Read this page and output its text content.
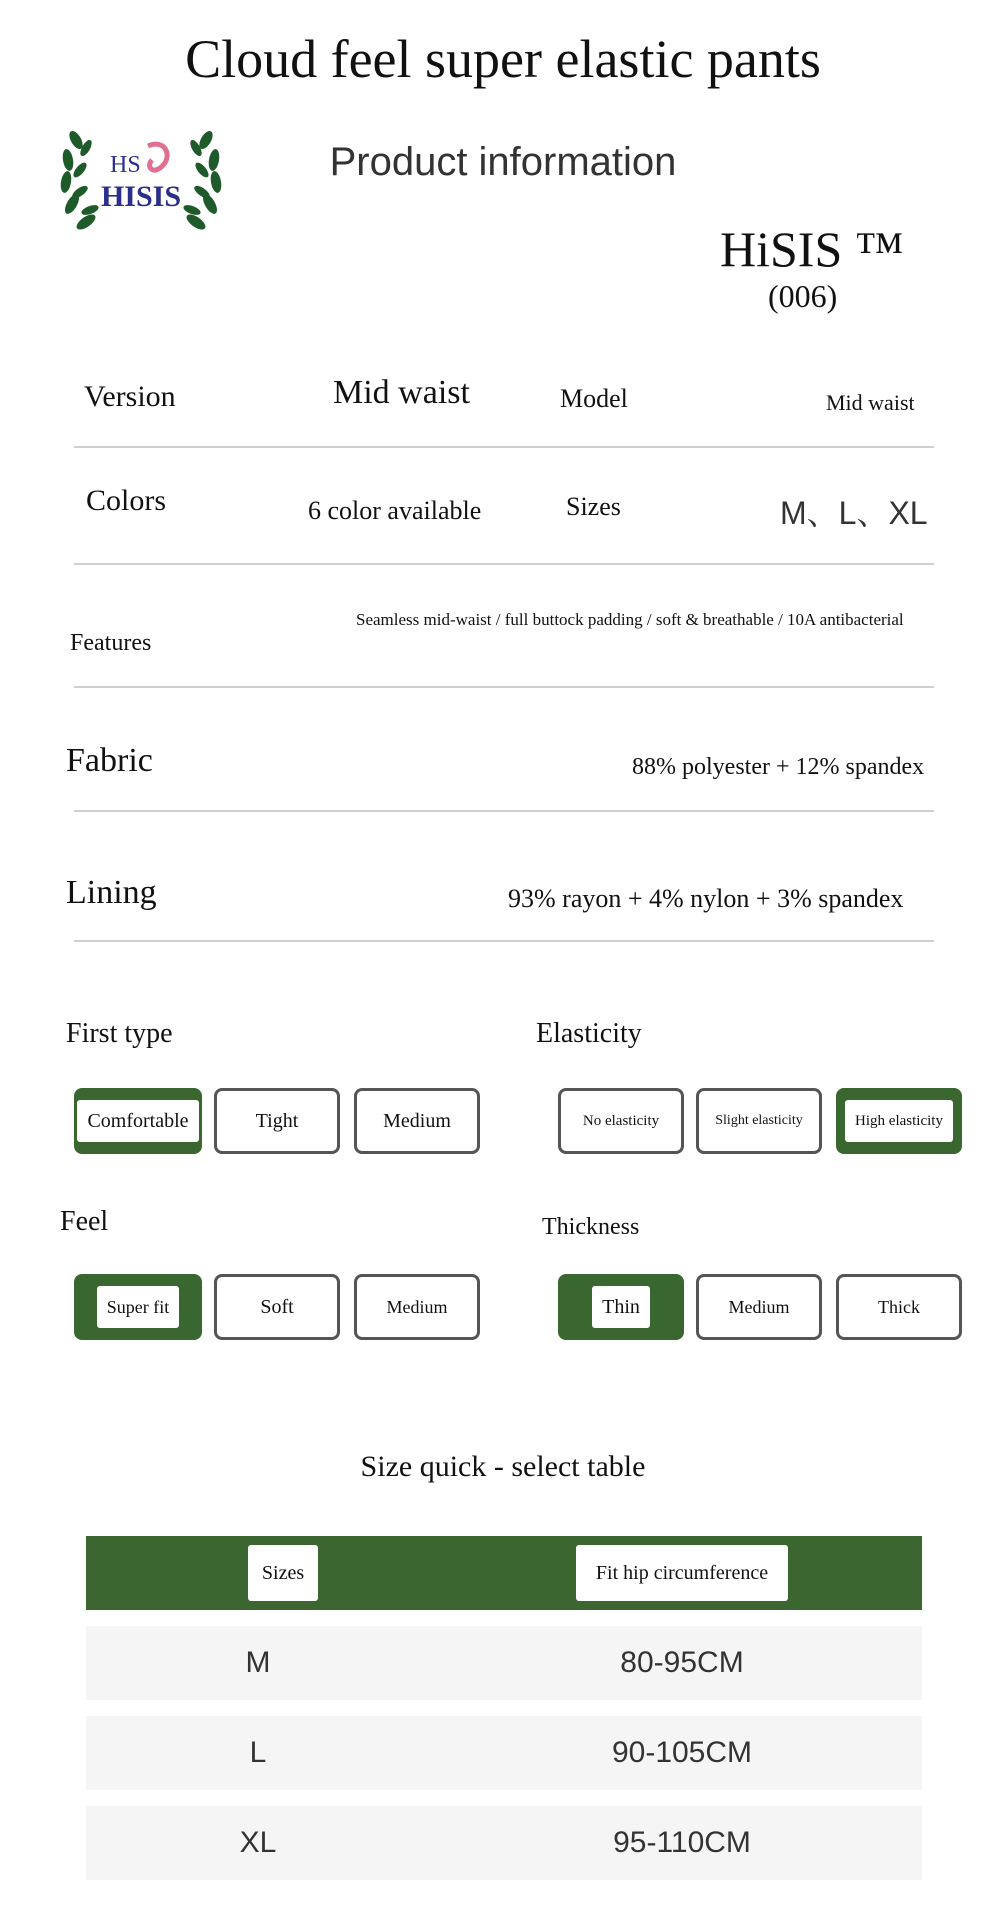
Cloud feel super elastic pants
Product information
HS
HISIS
HiSIS ™
(006)
Version	Mid waist	Model	Mid waist
Colors	6 color available	Sizes	M、L、XL
Seamless mid-waist / full buttock padding / soft & breathable / 10A antibacterial
Features
Fabric	88% polyester + 12% spandex
Lining	93% rayon + 4% nylon + 3% spandex
First type
Comfortable	Tight	Medium
Elasticity
No elasticity	Slight elasticity	High elasticity
Feel
Super fit	Soft	Medium
Thickness
Thin	Medium	Thick
Size quick - select table
Sizes	Fit hip circumference
M	80-95CM
L	90-105CM
XL	95-110CM
